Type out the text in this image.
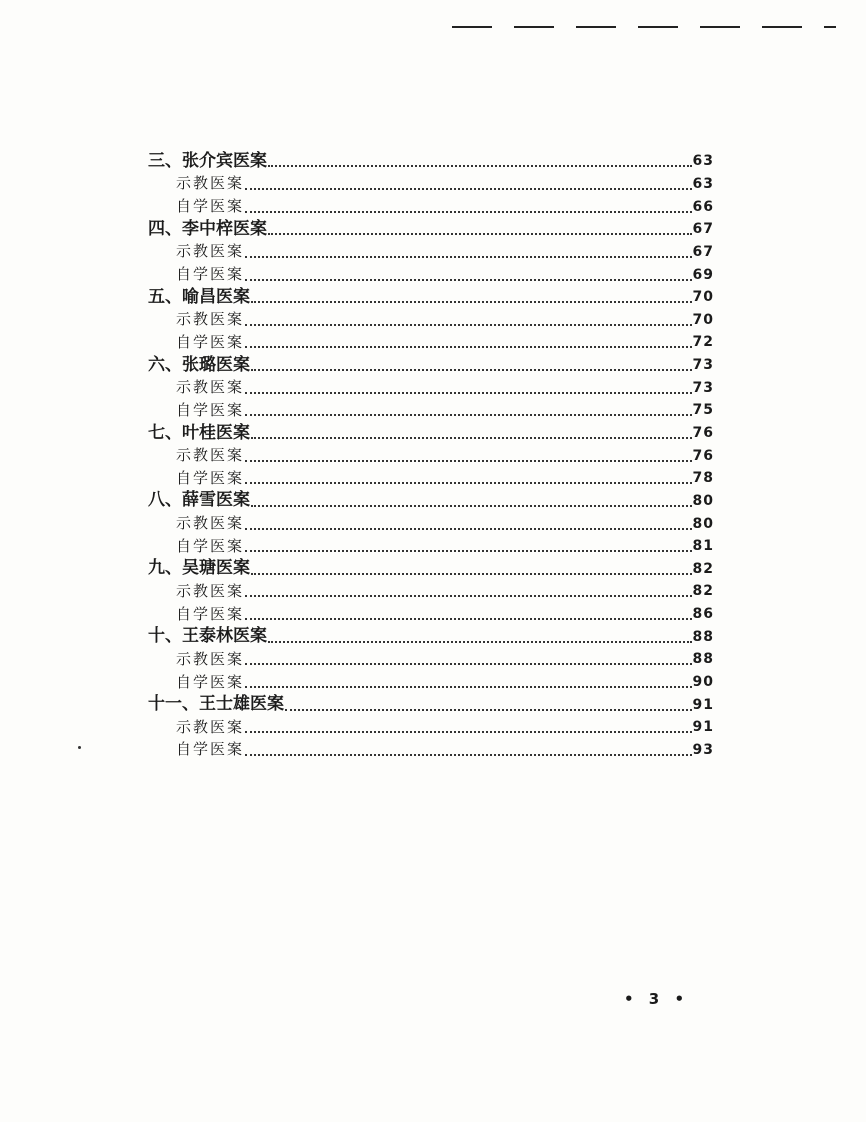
三、张介宾医案	63
示教医案	63
自学医案	66
四、李中梓医案	67
示教医案	67
自学医案	69
五、喻昌医案	70
示教医案	70
自学医案	72
六、张璐医案	73
示教医案	73
自学医案	75
七、叶桂医案	76
示教医案	76
自学医案	78
八、薛雪医案	80
示教医案	80
自学医案	81
九、吴瑭医案	82
示教医案	82
自学医案	86
十、王泰林医案	88
示教医案	88
自学医案	90
十一、王士雄医案	91
示教医案	91
自学医案	93
• 3 •
